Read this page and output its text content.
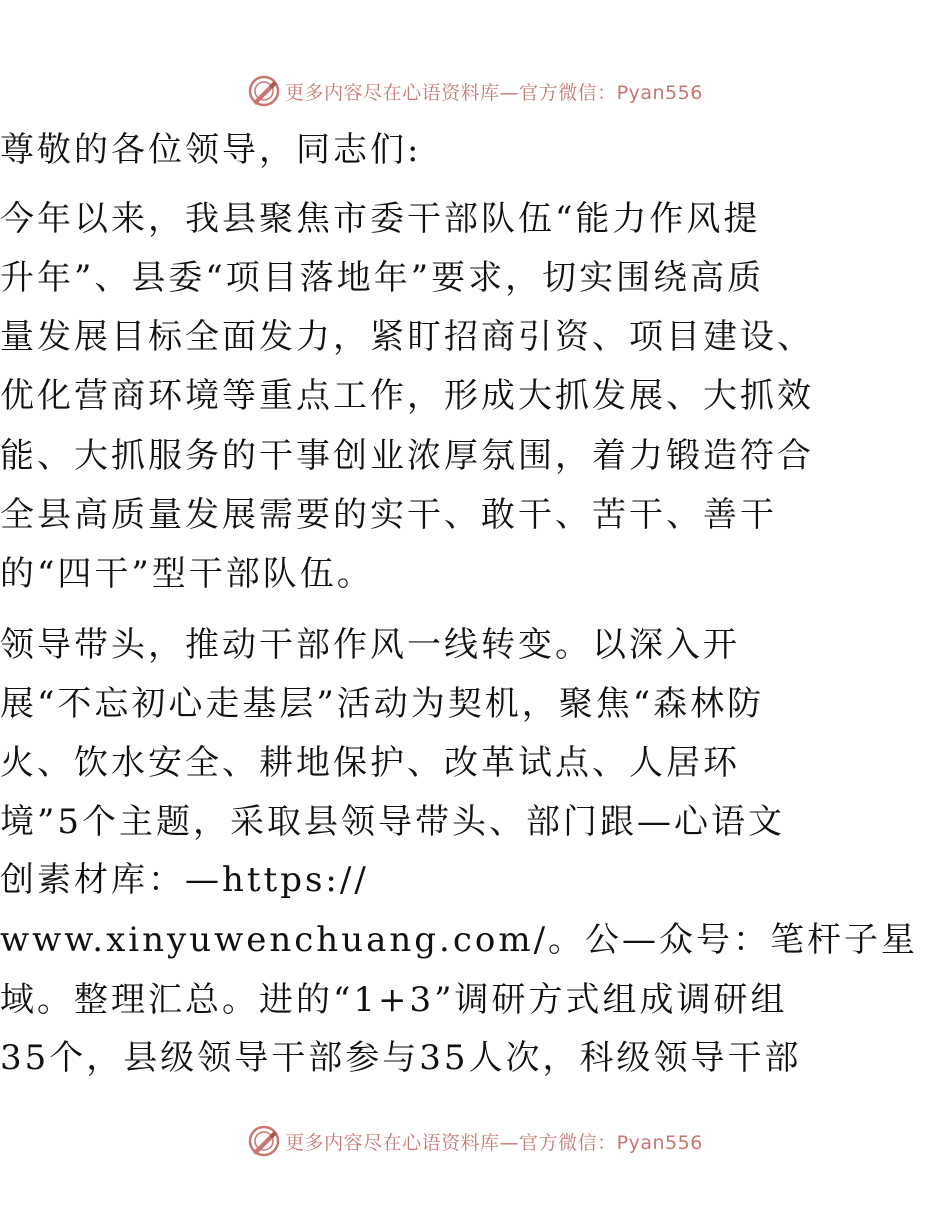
更多内容尽在心语资料库—官方微信：Pyan556
尊敬的各位领导，同志们:
今年以来，我县聚焦市委干部队伍“能力作风提
升年”、县委“项目落地年”要求，切实围绕高质
量发展目标全面发力，紧盯招商引资、项目建设、
优化营商环境等重点工作，形成大抓发展、大抓效
能、大抓服务的干事创业浓厚氛围，着力锻造符合
全县高质量发展需要的实干、敢干、苦干、善干
的“四干”型干部队伍。
领导带头，推动干部作风一线转变。以深入开
展“不忘初心走基层”活动为契机，聚焦“森林防
火、饮水安全、耕地保护、改革试点、人居环
境”5个主题，采取县领导带头、部门跟—心语文
创素材库：—https://
www.xinyuwenchuang.com/。公—众号：笔杆子星
域。整理汇总。进的“1+3”调研方式组成调研组
35个，县级领导干部参与35人次，科级领导干部
更多内容尽在心语资料库—官方微信：Pyan556
